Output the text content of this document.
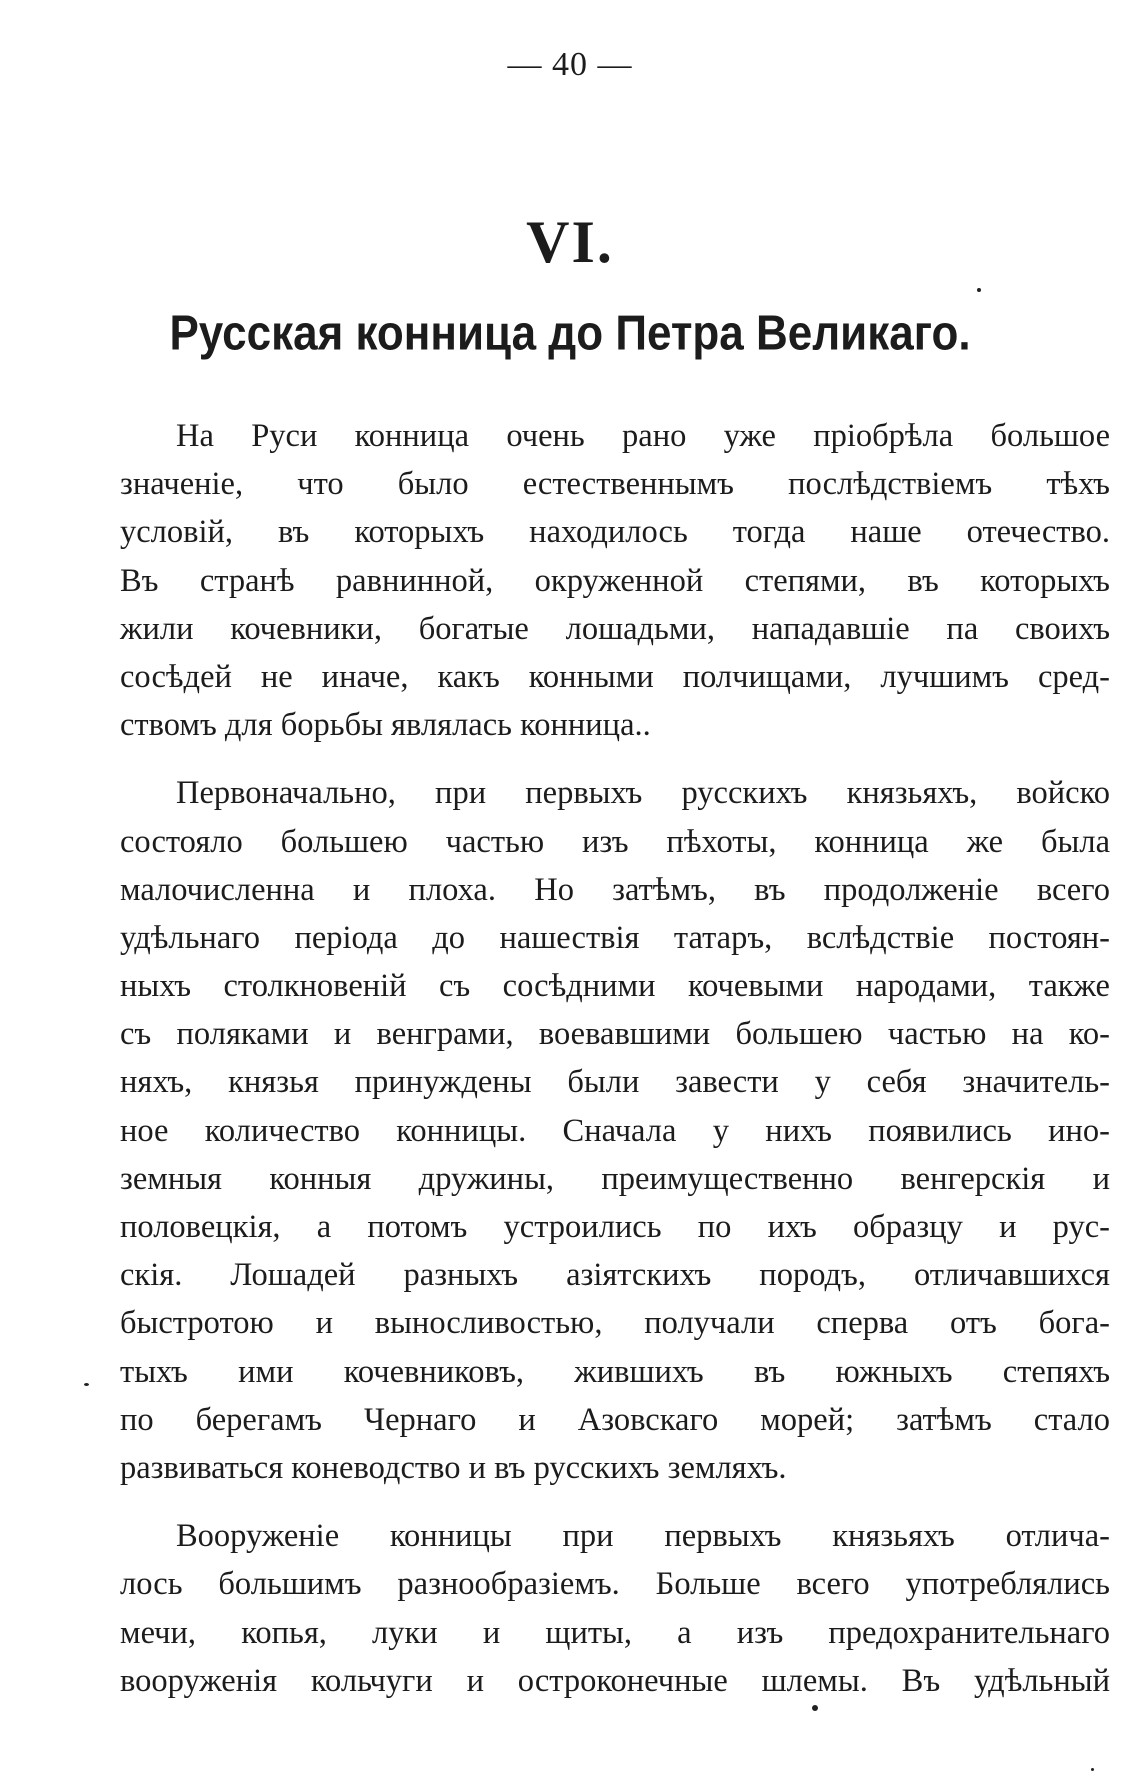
— 40 —
VI.
Русская конница до Петра Великаго.
На Руси конница очень рано уже пріобрѣла большое
значеніе, что было естественнымъ послѣдствіемъ тѣхъ
условій, въ которыхъ находилось тогда наше отечество.
Въ странѣ равнинной, окруженной степями, въ которыхъ
жили кочевники, богатые лошадьми, нападавшіе па своихъ
сосѣдей не иначе, какъ конными полчищами, лучшимъ сред-
ствомъ для борьбы являлась конница..
Первоначально, при первыхъ русскихъ князьяхъ, войско
состояло большею частью изъ пѣхоты, конница же была
малочисленна и плоха. Но затѣмъ, въ продолженіе всего
удѣльнаго періода до нашествія татаръ, вслѣдствіе постоян-
ныхъ столкновеній съ сосѣдними кочевыми народами, также
съ поляками и венграми, воевавшими большею частью на ко-
няхъ, князья принуждены были завести у себя значитель-
ное количество конницы. Сначала у нихъ появились ино-
земныя конныя дружины, преимущественно венгерскія и
половецкія, а потомъ устроились по ихъ образцу и рус-
скія. Лошадей разныхъ азіятскихъ породъ, отличавшихся
быстротою и выносливостью, получали сперва отъ бога-
тыхъ ими кочевниковъ, жившихъ въ южныхъ степяхъ
по берегамъ Чернаго и Азовскаго морей; затѣмъ стало
развиваться коневодство и въ русскихъ земляхъ.
Вооруженіе конницы при первыхъ князьяхъ отлича-
лось большимъ разнообразіемъ. Больше всего употреблялись
мечи, копья, луки и щиты, а изъ предохранительнаго
вооруженія кольчуги и остроконечные шлемы. Въ удѣльный
